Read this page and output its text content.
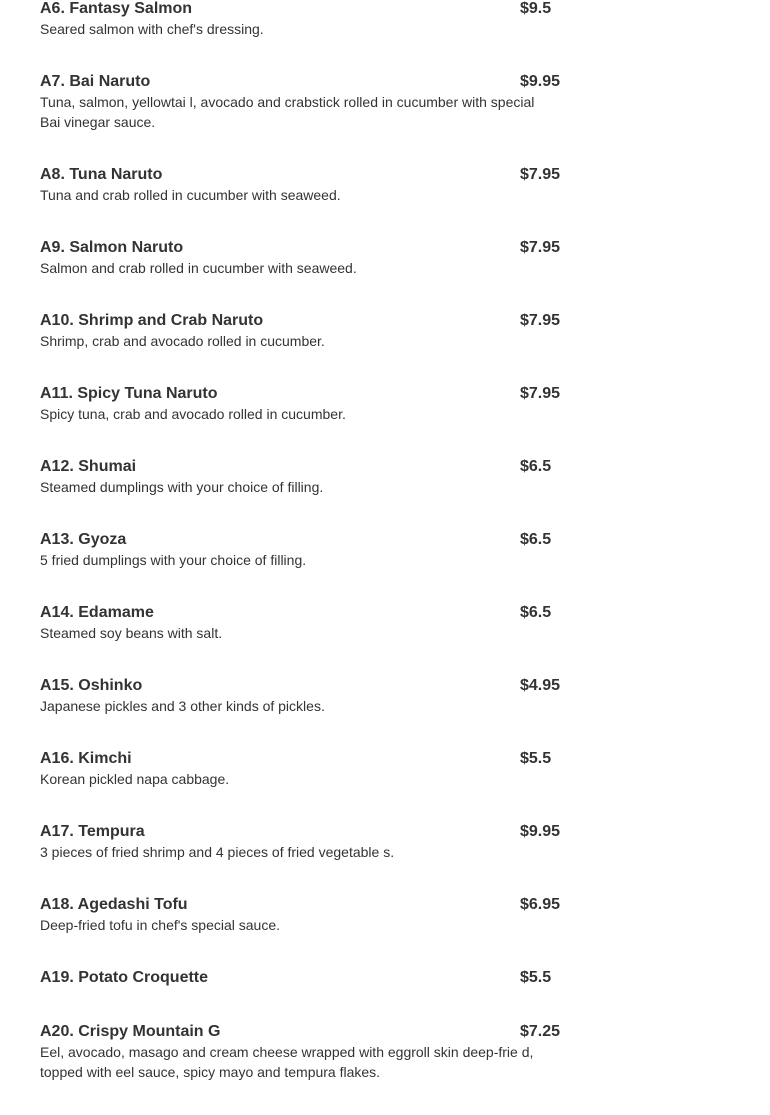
A6. Fantasy Salmon	$9.5
Seared salmon with chef's dressing.
A7. Bai Naruto	$9.95
Tuna, salmon, yellowtai l, avocado and crabstick rolled in cucumber with special Bai vinegar sauce.
A8. Tuna Naruto	$7.95
Tuna and crab rolled in cucumber with seaweed.
A9. Salmon Naruto	$7.95
Salmon and crab rolled in cucumber with seaweed.
A10. Shrimp and Crab Naruto	$7.95
Shrimp, crab and avocado rolled in cucumber.
A11. Spicy Tuna Naruto	$7.95
Spicy tuna, crab and avocado rolled in cucumber.
A12. Shumai	$6.5
Steamed dumplings with your choice of filling.
A13. Gyoza	$6.5
5 fried dumplings with your choice of filling.
A14. Edamame	$6.5
Steamed soy beans with salt.
A15. Oshinko	$4.95
Japanese pickles and 3 other kinds of pickles.
A16. Kimchi	$5.5
Korean pickled napa cabbage.
A17. Tempura	$9.95
3 pieces of fried shrimp and 4 pieces of fried vegetable s.
A18. Agedashi Tofu	$6.95
Deep-fried tofu in chef's special sauce.
A19. Potato Croquette	$5.5
A20. Crispy Mountain G	$7.25
Eel, avocado, masago and cream cheese wrapped with eggroll skin deep-frie d, topped with eel sauce, spicy mayo and tempura flakes.
